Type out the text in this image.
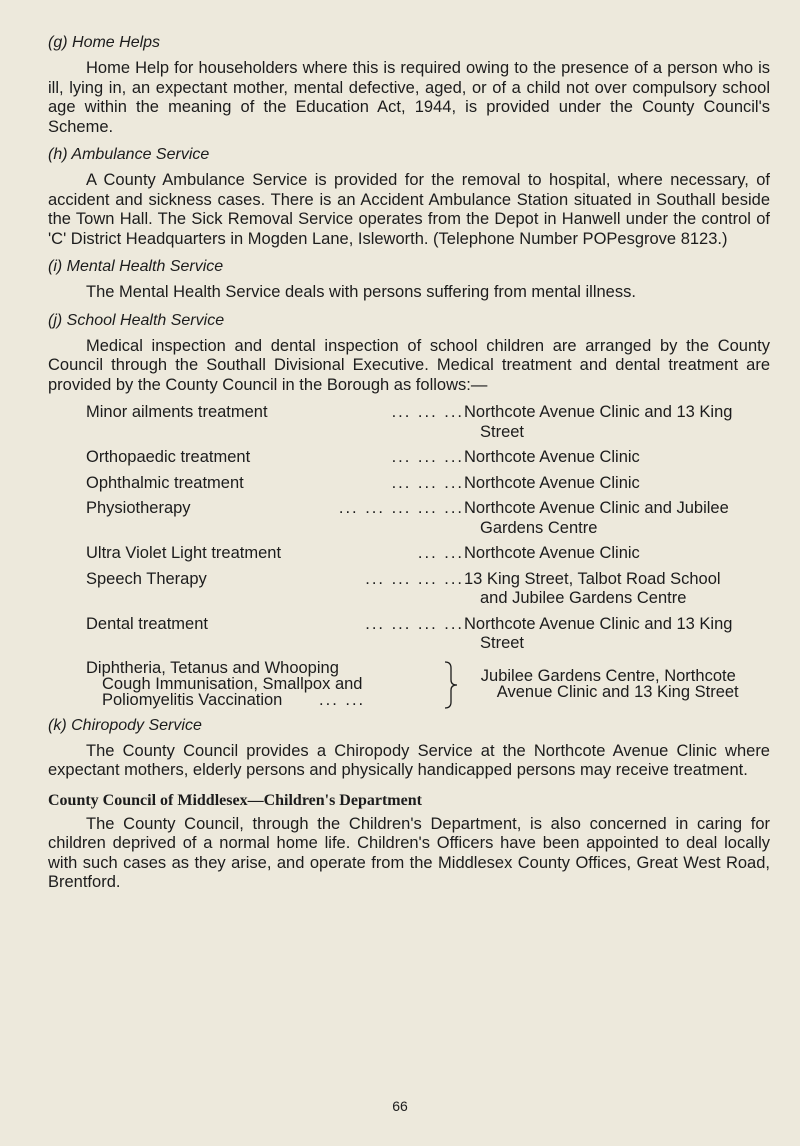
(g) Home Helps

Home Help for householders where this is required owing to the presence of a person who is ill, lying in, an expectant mother, mental defective, aged, or of a child not over compulsory school age within the meaning of the Education Act, 1944, is provided under the County Council's Scheme.

(h) Ambulance Service

A County Ambulance Service is provided for the removal to hospital, where necessary, of accident and sickness cases. There is an Accident Ambulance Station situated in Southall beside the Town Hall. The Sick Removal Service operates from the Depot in Hanwell under the control of 'C' District Headquarters in Mogden Lane, Isleworth. (Telephone Number POPesgrove 8123.)

(i) Mental Health Service

The Mental Health Service deals with persons suffering from mental illness.

(j) School Health Service

Medical inspection and dental inspection of school children are arranged by the County Council through the Southall Divisional Executive. Medical treatment and dental treatment are provided by the County Council in the Borough as follows:—

Minor ailments treatment	... ... ... Northcote Avenue Clinic and 13 King
Street
Orthopaedic treatment	... ... ... Northcote Avenue Clinic
Ophthalmic treatment	... ... ... Northcote Avenue Clinic
Physiotherapy	... ... ... ... ... Northcote Avenue Clinic and Jubilee
Gardens Centre
Ultra Violet Light treatment	... ... Northcote Avenue Clinic
Speech Therapy	... ... ... ... 13 King Street, Talbot Road School
and Jubilee Gardens Centre
Dental treatment	... ... ... ... Northcote Avenue Clinic and 13 King
Street
Diphtheria, Tetanus and Whooping
Cough Immunisation, Smallpox and
Poliomyelitis Vaccination ... ...
Jubilee Gardens Centre, Northcote
Avenue Clinic and 13 King Street
(k) Chiropody Service

The County Council provides a Chiropody Service at the Northcote Avenue Clinic where expectant mothers, elderly persons and physically handicapped persons may receive treatment.

County Council of Middlesex—Children's Department

The County Council, through the Children's Department, is also concerned in caring for children deprived of a normal home life. Children's Officers have been appointed to deal locally with such cases as they arise, and operate from the Middlesex County Offices, Great West Road, Brentford.

66
